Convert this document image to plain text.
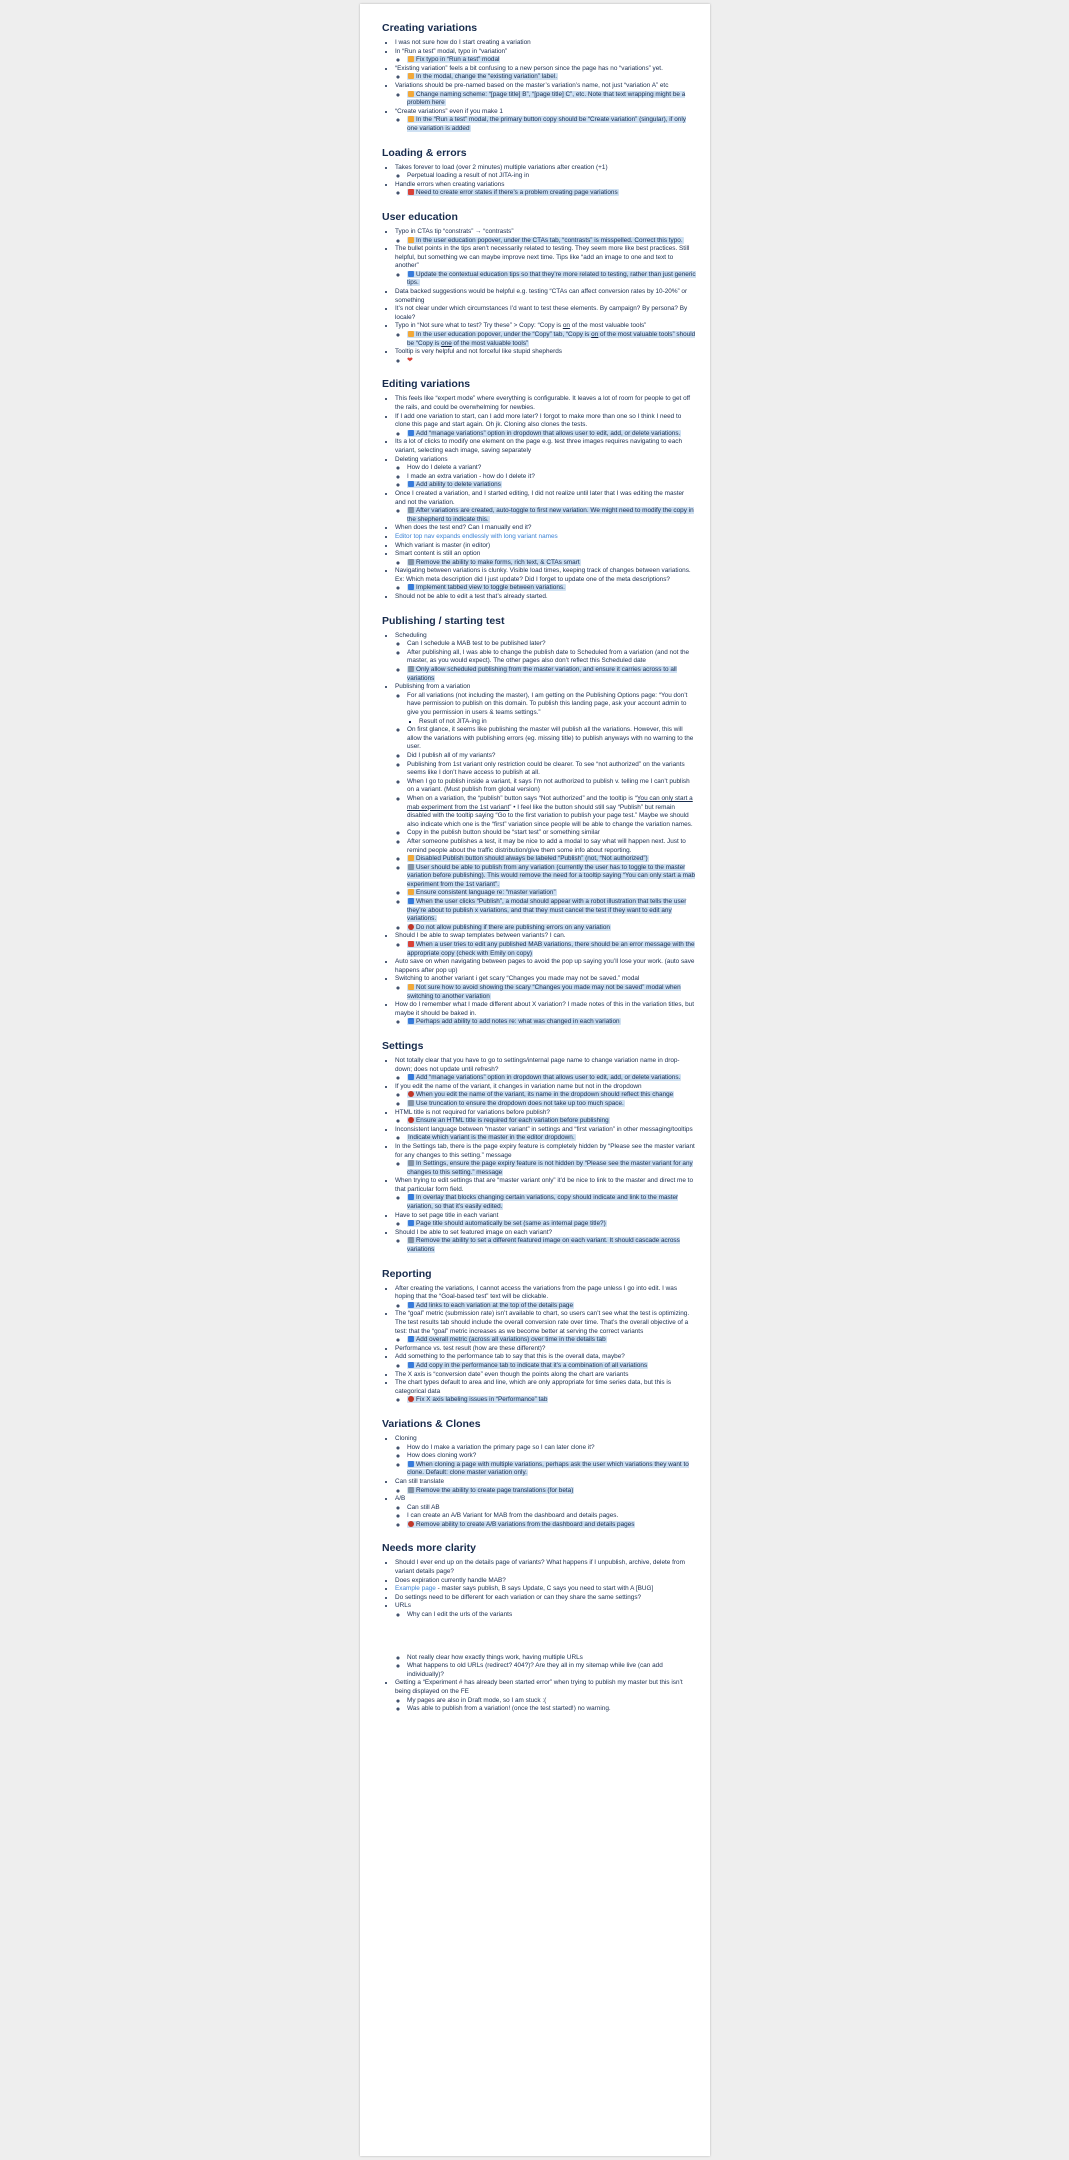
Creating variations
• I was not sure how do I start creating a variation
• In “Run a test” modal, typo in “variation”
◦ Fix typo in “Run a test” modal
• “Existing variation” feels a bit confusing to a new person since the page has no “variations” yet.
◦ In the modal, change the “existing variation” label.
• Variations should be pre-named based on the master’s variation’s name, not just “variation A” etc
◦ Change naming scheme: “[page title] B”, “[page title] C”, etc. Note that text wrapping might be a problem here
• “Create variations” even if you make 1
◦ In the “Run a test” modal, the primary button copy should be “Create variation” (singular), if only one variation is added
Loading & errors
• Takes forever to load (over 2 minutes) multiple variations after creation (+1)
◦ Perpetual loading a result of not JITA-ing in
• Handle errors when creating variations
◦ Need to create error states if there’s a problem creating page variations
User education
• Typo in CTAs tip “constrats” → “contrasts”
◦ In the user education popover, under the CTAs tab, “contrasts” is misspelled. Correct this typo.
• The bullet points in the tips aren’t necessarily related to testing. They seem more like best practices. Still helpful, but something we can maybe improve next time. Tips like “add an image to one and text to another”
◦ Update the contextual education tips so that they’re more related to testing, rather than just generic tips.
• Data backed suggestions would be helpful e.g. testing “CTAs can affect conversion rates by 10-20%” or something
• It’s not clear under which circumstances I’d want to test these elements. By campaign? By persona? By locale?
• Typo in “Not sure what to test? Try these” > Copy: “Copy is on of the most valuable tools”
◦ In the user education popover, under the “Copy” tab, “Copy is on of the most valuable tools” should be “Copy is one of the most valuable tools”
• Tooltip is very helpful and not forceful like stupid shepherds
◦ ❤
Editing variations
• This feels like “expert mode” where everything is configurable. It leaves a lot of room for people to get off the rails, and could be overwhelming for newbies.
• If I add one variation to start, can I add more later? I forgot to make more than one so I think I need to clone this page and start again. Oh jk. Cloning also clones the tests.
◦ Add “manage variations” option in dropdown that allows user to edit, add, or delete variations.
• Its a lot of clicks to modify one element on the page e.g. test three images requires navigating to each variant, selecting each image, saving separately
• Deleting variations
◦ How do I delete a variant?
◦ I made an extra variation - how do I delete it?
◦ Add ability to delete variations
• Once I created a variation, and I started editing, I did not realize until later that I was editing the master and not the variation.
◦ After variations are created, auto-toggle to first new variation. We might need to modify the copy in the shepherd to indicate this.
• When does the test end? Can I manually end it?
• Editor top nav expands endlessly with long variant names
• Which variant is master (in editor)
• Smart content is still an option
◦ Remove the ability to make forms, rich text, & CTAs smart
• Navigating between variations is clunky. Visible load times, keeping track of changes between variations. Ex: Which meta description did I just update? Did I forget to update one of the meta descriptions?
◦ Implement tabbed view to toggle between variations.
• Should not be able to edit a test that’s already started.
Publishing / starting test
• Scheduling
◦ Can I schedule a MAB test to be published later?
◦ After publishing all, I was able to change the publish date to Scheduled from a variation (and not the master, as you would expect). The other pages also don’t reflect this Scheduled date
◦ Only allow scheduled publishing from the master variation, and ensure it carries across to all variations
• Publishing from a variation
◦ For all variations (not including the master), I am getting on the Publishing Options page: “You don’t have permission to publish on this domain. To publish this landing page, ask your account admin to give you permission in users & teams settings.”
▪ Result of not JITA-ing in
◦ On first glance, it seems like publishing the master will publish all the variations. However, this will allow the variations with publishing errors (eg. missing title) to publish anyways with no warning to the user.
◦ Did I publish all of my variants?
◦ Publishing from 1st variant only restriction could be clearer. To see “not authorized” on the variants seems like I don’t have access to publish at all.
◦ When I go to publish inside a variant, it says I’m not authorized to publish v. telling me I can’t publish on a variant. (Must publish from global version)
◦ When on a variation, the “publish” button says “Not authorized” and the tooltip is “You can only start a mab experiment from the 1st variant” • I feel like the button should still say “Publish” but remain disabled with the tooltip saying “Go to the first variation to publish your page test.” Maybe we should also indicate which one is the “first” variation since people will be able to change the variation names.
◦ Copy in the publish button should be “start test” or something similar
◦ After someone publishes a test, it may be nice to add a modal to say what will happen next. Just to remind people about the traffic distribution/give them some info about reporting.
◦ Disabled Publish button should always be labeled “Publish” (not, “Not authorized”)
◦ User should be able to publish from any variation (currently the user has to toggle to the master variation before publishing). This would remove the need for a tooltip saying “You can only start a mab experiment from the 1st variant”.
◦ Ensure consistent language re: “master variation”
◦ When the user clicks “Publish”, a modal should appear with a robot illustration that tells the user they’re about to publish x variations, and that they must cancel the test if they want to edit any variations.
◦ Do not allow publishing if there are publishing errors on any variation
• Should I be able to swap templates between variants? I can.
◦ When a user tries to edit any published MAB variations, there should be an error message with the appropriate copy (check with Emily on copy)
• Auto save on when navigating between pages to avoid the pop up saying you’ll lose your work. (auto save happens after pop up)
• Switching to another variant i get scary “Changes you made may not be saved.” modal
◦ Not sure how to avoid showing the scary “Changes you made may not be saved” modal when switching to another variation
• How do I remember what I made different about X variation? I made notes of this in the variation titles, but maybe it should be baked in.
◦ Perhaps add ability to add notes re: what was changed in each variation
Settings
• Not totally clear that you have to go to settings/internal page name to change variation name in drop-down; does not update until refresh?
◦ Add “manage variations” option in dropdown that allows user to edit, add, or delete variations.
• If you edit the name of the variant, it changes in variation name but not in the dropdown
◦ When you edit the name of the variant, its name in the dropdown should reflect this change
◦ Use truncation to ensure the dropdown does not take up too much space.
• HTML title is not required for variations before publish?
◦ Ensure an HTML title is required for each variation before publishing
• Inconsistent language between “master variant” in settings and “first variation” in other messaging/tooltips
◦ Indicate which variant is the master in the editor dropdown.
• In the Settings tab, there is the page expiry feature is completely hidden by “Please see the master variant for any changes to this setting.” message
◦ In Settings, ensure the page expiry feature is not hidden by “Please see the master variant for any changes to this setting.” message
• When trying to edit settings that are “master variant only” it’d be nice to link to the master and direct me to that particular form field.
◦ In overlay that blocks changing certain variations, copy should indicate and link to the master variation, so that it’s easily edited.
• Have to set page title in each variant
◦ Page title should automatically be set (same as internal page title?)
• Should I be able to set featured image on each variant?
◦ Remove the ability to set a different featured image on each variant. It should cascade across variations
Reporting
• After creating the variations, I cannot access the variations from the page unless I go into edit. I was hoping that the “Goal-based test” text will be clickable.
◦ Add links to each variation at the top of the details page
• The “goal” metric (submission rate) isn’t available to chart, so users can’t see what the test is optimizing. The test results tab should include the overall conversion rate over time. That’s the overall objective of a test: that the “goal” metric increases as we become better at serving the correct variants
◦ Add overall metric (across all variations) over time in the details tab
• Performance vs. test result (how are these different)?
• Add something to the performance tab to say that this is the overall data, maybe?
◦ Add copy in the performance tab to indicate that it’s a combination of all variations
• The X axis is “conversion date” even though the points along the chart are variants
• The chart types default to area and line, which are only appropriate for time series data, but this is categorical data
◦ Fix X axis labeling issues in “Performance” tab
Variations & Clones
• Cloning
◦ How do I make a variation the primary page so I can later clone it?
◦ How does cloning work?
◦ When cloning a page with multiple variations, perhaps ask the user which variations they want to clone. Default: clone master variation only.
• Can still translate
◦ Remove the ability to create page translations (for beta)
• A/B
◦ Can still AB
◦ I can create an A/B Variant for MAB from the dashboard and details pages.
◦ Remove ability to create A/B variations from the dashboard and details pages
Needs more clarity
• Should I ever end up on the details page of variants? What happens if I unpublish, archive, delete from variant details page?
• Does expiration currently handle MAB?
• Example page - master says publish, B says Update, C says you need to start with A [BUG]
• Do settings need to be different for each variation or can they share the same settings?
• URLs
◦ Why can I edit the urls of the variants
◦ Not really clear how exactly things work, having multiple URLs
◦ What happens to old URLs (redirect? 404?)? Are they all in my sitemap while live (can add individually)?
• Getting a “Experiment # has already been started error” when trying to publish my master but this isn’t being displayed on the FE
◦ My pages are also in Draft mode, so I am stuck :(
◦ Was able to publish from a variation! (once the test started!) no warning.
